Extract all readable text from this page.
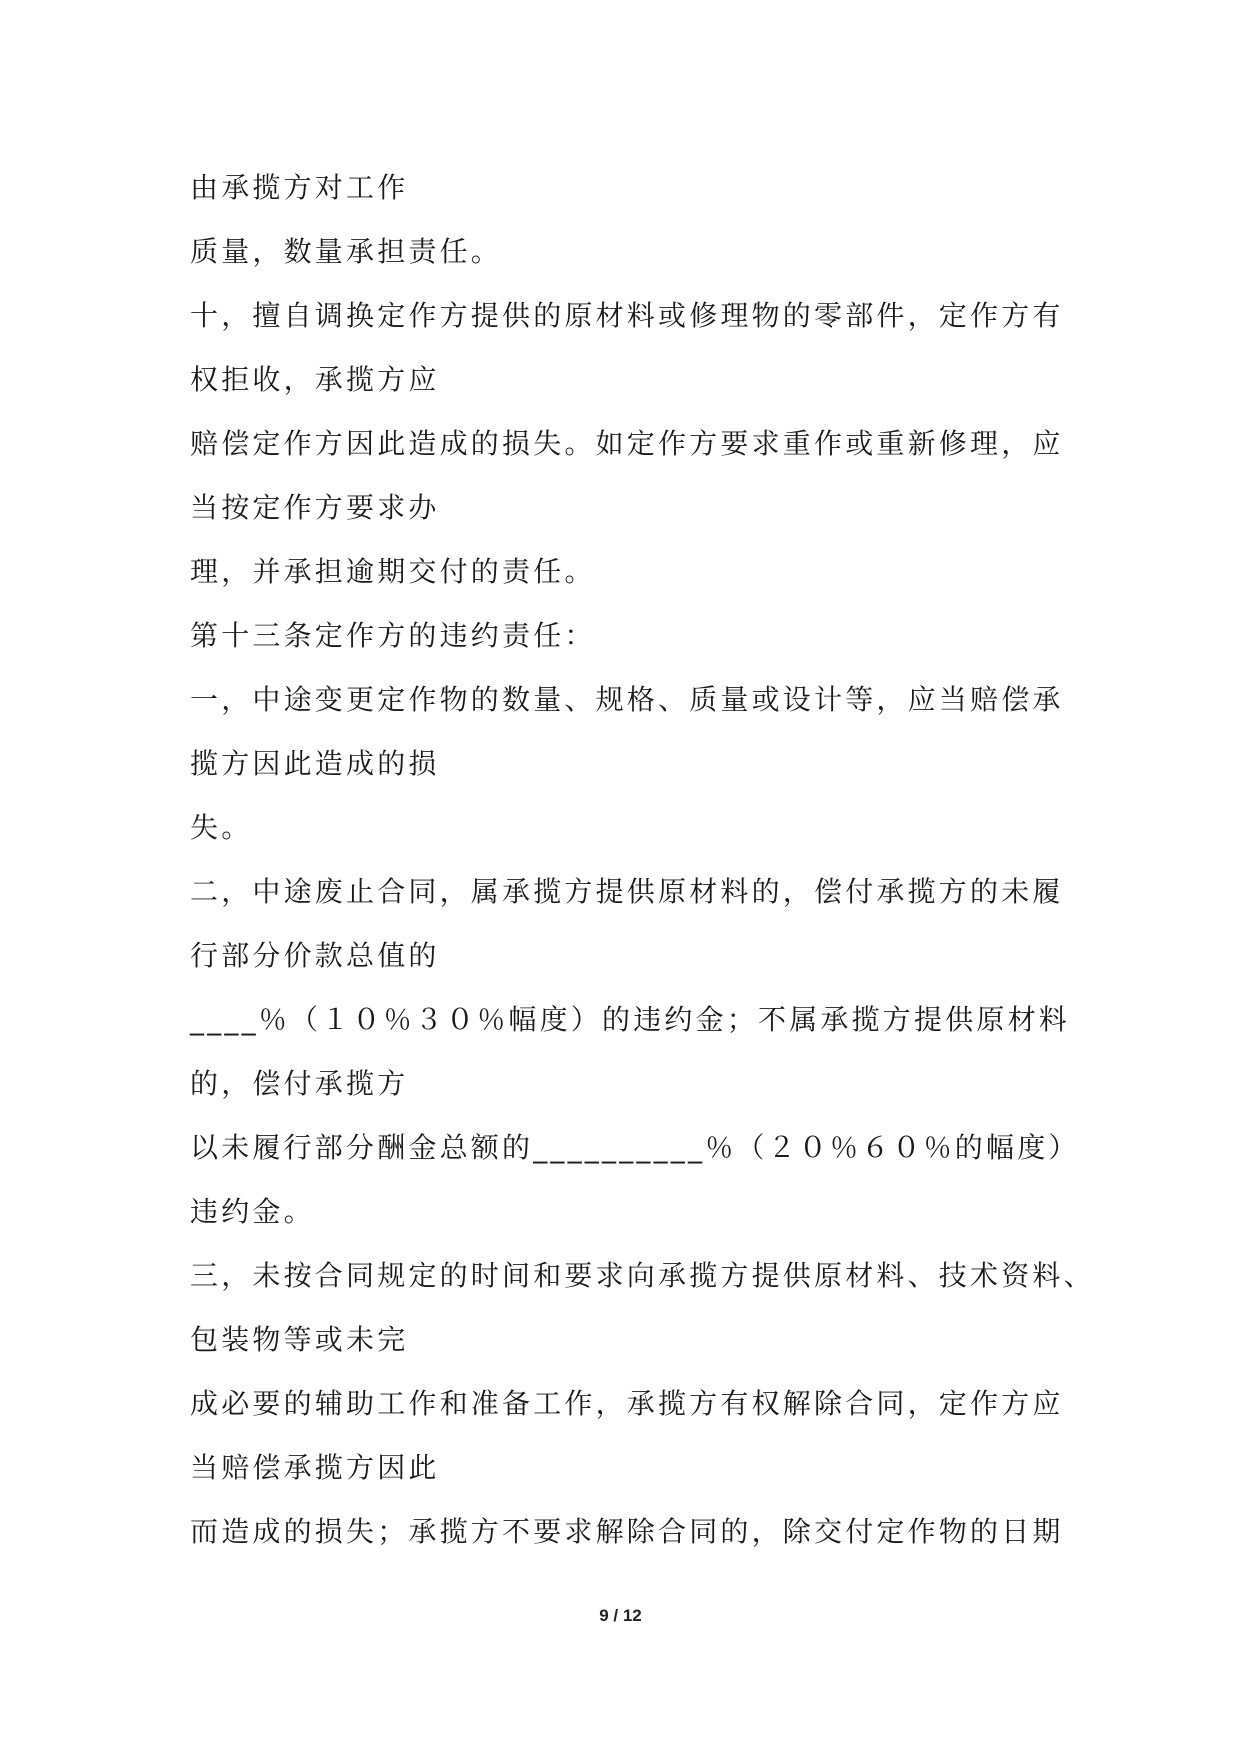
由承揽方对工作
质量，数量承担责任。
十，擅自调换定作方提供的原材料或修理物的零部件，定作方有
权拒收，承揽方应
赔偿定作方因此造成的损失。如定作方要求重作或重新修理，应
当按定作方要求办
理，并承担逾期交付的责任。
第十三条定作方的违约责任：
一，中途变更定作物的数量、规格、质量或设计等，应当赔偿承
揽方因此造成的损
失。
二，中途废止合同，属承揽方提供原材料的，偿付承揽方的未履
行部分价款总值的
____％（１０％３０％幅度）的违约金；不属承揽方提供原材料
的，偿付承揽方
以未履行部分酬金总额的__________％（２０％６０％的幅度）
违约金。
三，未按合同规定的时间和要求向承揽方提供原材料、技术资料、
包装物等或未完
成必要的辅助工作和准备工作，承揽方有权解除合同，定作方应
当赔偿承揽方因此
而造成的损失；承揽方不要求解除合同的，除交付定作物的日期
9 / 12
